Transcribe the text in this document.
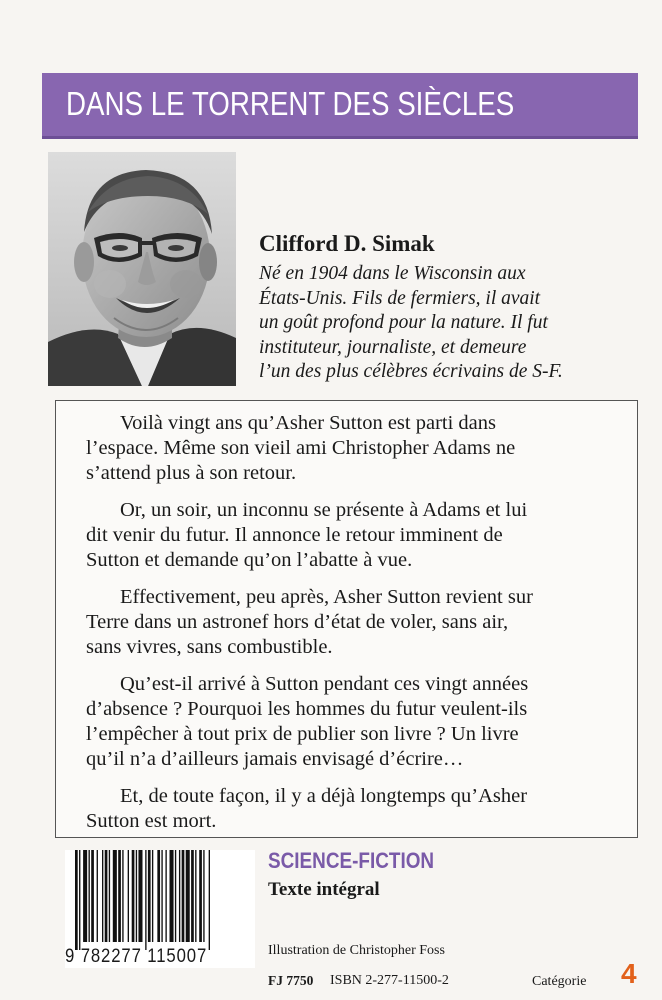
DANS LE TORRENT DES SIÈCLES
Clifford D. Simak
Né en 1904 dans le Wisconsin aux
États-Unis. Fils de fermiers, il avait
un goût profond pour la nature. Il fut
instituteur, journaliste, et demeure
l’un des plus célèbres écrivains de S-F.
Voilà vingt ans qu’Asher Sutton est parti dans
l’espace. Même son vieil ami Christopher Adams ne
s’attend plus à son retour.
Or, un soir, un inconnu se présente à Adams et lui
dit venir du futur. Il annonce le retour imminent de
Sutton et demande qu’on l’abatte à vue.
Effectivement, peu après, Asher Sutton revient sur
Terre dans un astronef hors d’état de voler, sans air,
sans vivres, sans combustible.
Qu’est-il arrivé à Sutton pendant ces vingt années
d’absence ? Pourquoi les hommes du futur veulent-ils
l’empêcher à tout prix de publier son livre ? Un livre
qu’il n’a d’ailleurs jamais envisagé d’écrire…
Et, de toute façon, il y a déjà longtemps qu’Asher
Sutton est mort.
9 782277 115007
SCIENCE-FICTION
Texte intégral
Illustration de Christopher Foss
FJ 7750 ISBN 2-277-11500-2	Catégorie 4
